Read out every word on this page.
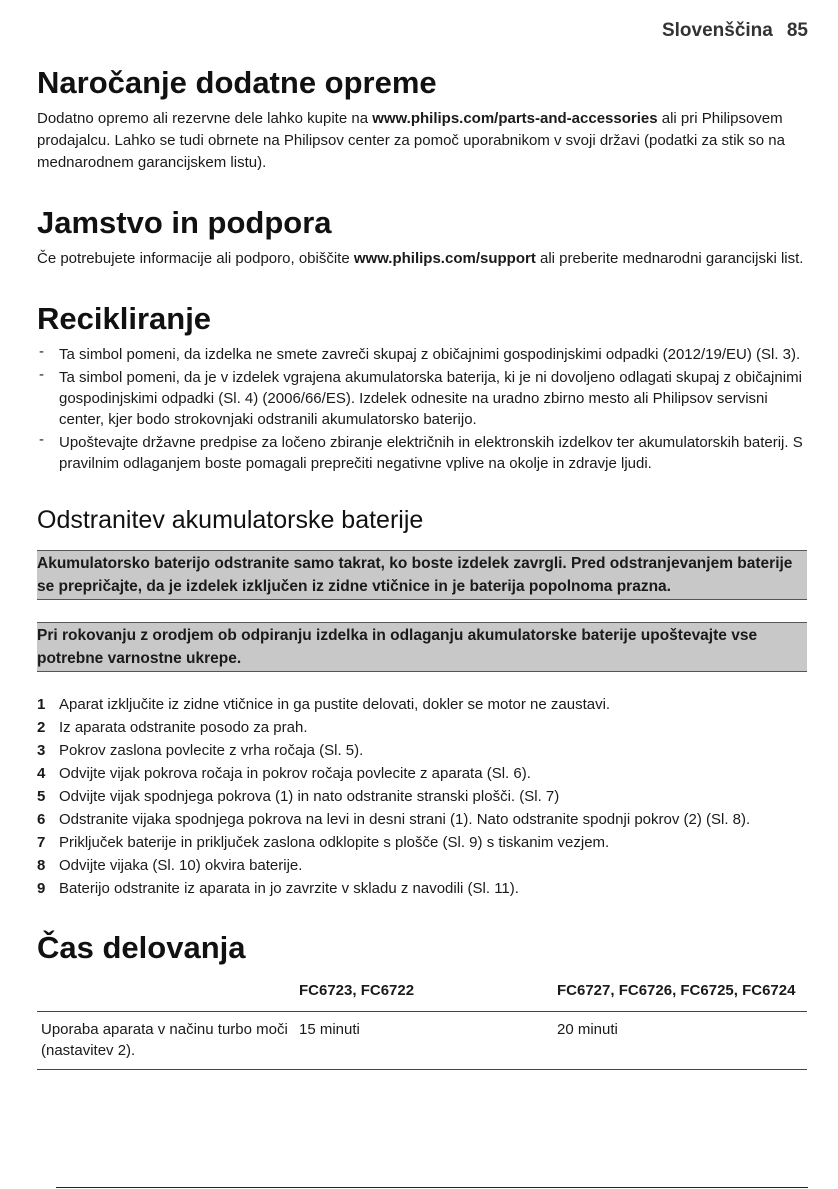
Slovenščina 85
Naročanje dodatne opreme

Dodatno opremo ali rezervne dele lahko kupite na www.philips.com/parts-and-accessories ali pri Philipsovem prodajalcu. Lahko se tudi obrnete na Philipsov center za pomoč uporabnikom v svoji državi (podatki za stik so na mednarodnem garancijskem listu).

Jamstvo in podpora

Če potrebujete informacije ali podporo, obiščite www.philips.com/support ali preberite mednarodni garancijski list.

Recikliranje
- Ta simbol pomeni, da izdelka ne smete zavreči skupaj z običajnimi gospodinjskimi odpadki (2012/19/EU) (Sl. 3).
- Ta simbol pomeni, da je v izdelek vgrajena akumulatorska baterija, ki je ni dovoljeno odlagati skupaj z običajnimi gospodinjskimi odpadki (Sl. 4) (2006/66/ES). Izdelek odnesite na uradno zbirno mesto ali Philipsov servisni center, kjer bodo strokovnjaki odstranili akumulatorsko baterijo.
- Upoštevajte državne predpise za ločeno zbiranje električnih in elektronskih izdelkov ter akumulatorskih baterij. S pravilnim odlaganjem boste pomagali preprečiti negativne vplive na okolje in zdravje ljudi.
Odstranitev akumulatorske baterije
Akumulatorsko baterijo odstranite samo takrat, ko boste izdelek zavrgli. Pred odstranjevanjem baterije se prepričajte, da je izdelek izključen iz zidne vtičnice in je baterija popolnoma prazna.
Pri rokovanju z orodjem ob odpiranju izdelka in odlaganju akumulatorske baterije upoštevajte vse potrebne varnostne ukrepe.
1 Aparat izključite iz zidne vtičnice in ga pustite delovati, dokler se motor ne zaustavi.
2 Iz aparata odstranite posodo za prah.
3 Pokrov zaslona povlecite z vrha ročaja (Sl. 5).
4 Odvijte vijak pokrova ročaja in pokrov ročaja povlecite z aparata (Sl. 6).
5 Odvijte vijak spodnjega pokrova (1) in nato odstranite stranski plošči. (Sl. 7)
6 Odstranite vijaka spodnjega pokrova na levi in desni strani (1). Nato odstranite spodnji pokrov (2) (Sl. 8).
7 Priključek baterije in priključek zaslona odklopite s plošče (Sl. 9) s tiskanim vezjem.
8 Odvijte vijaka (Sl. 10) okvira baterije.
9 Baterijo odstranite iz aparata in jo zavrzite v skladu z navodili (Sl. 11).
Čas delovanja
	FC6723, FC6722	FC6727, FC6726, FC6725, FC6724
Uporaba aparata v načinu turbo moči (nastavitev 2).	15 minuti	20 minuti
